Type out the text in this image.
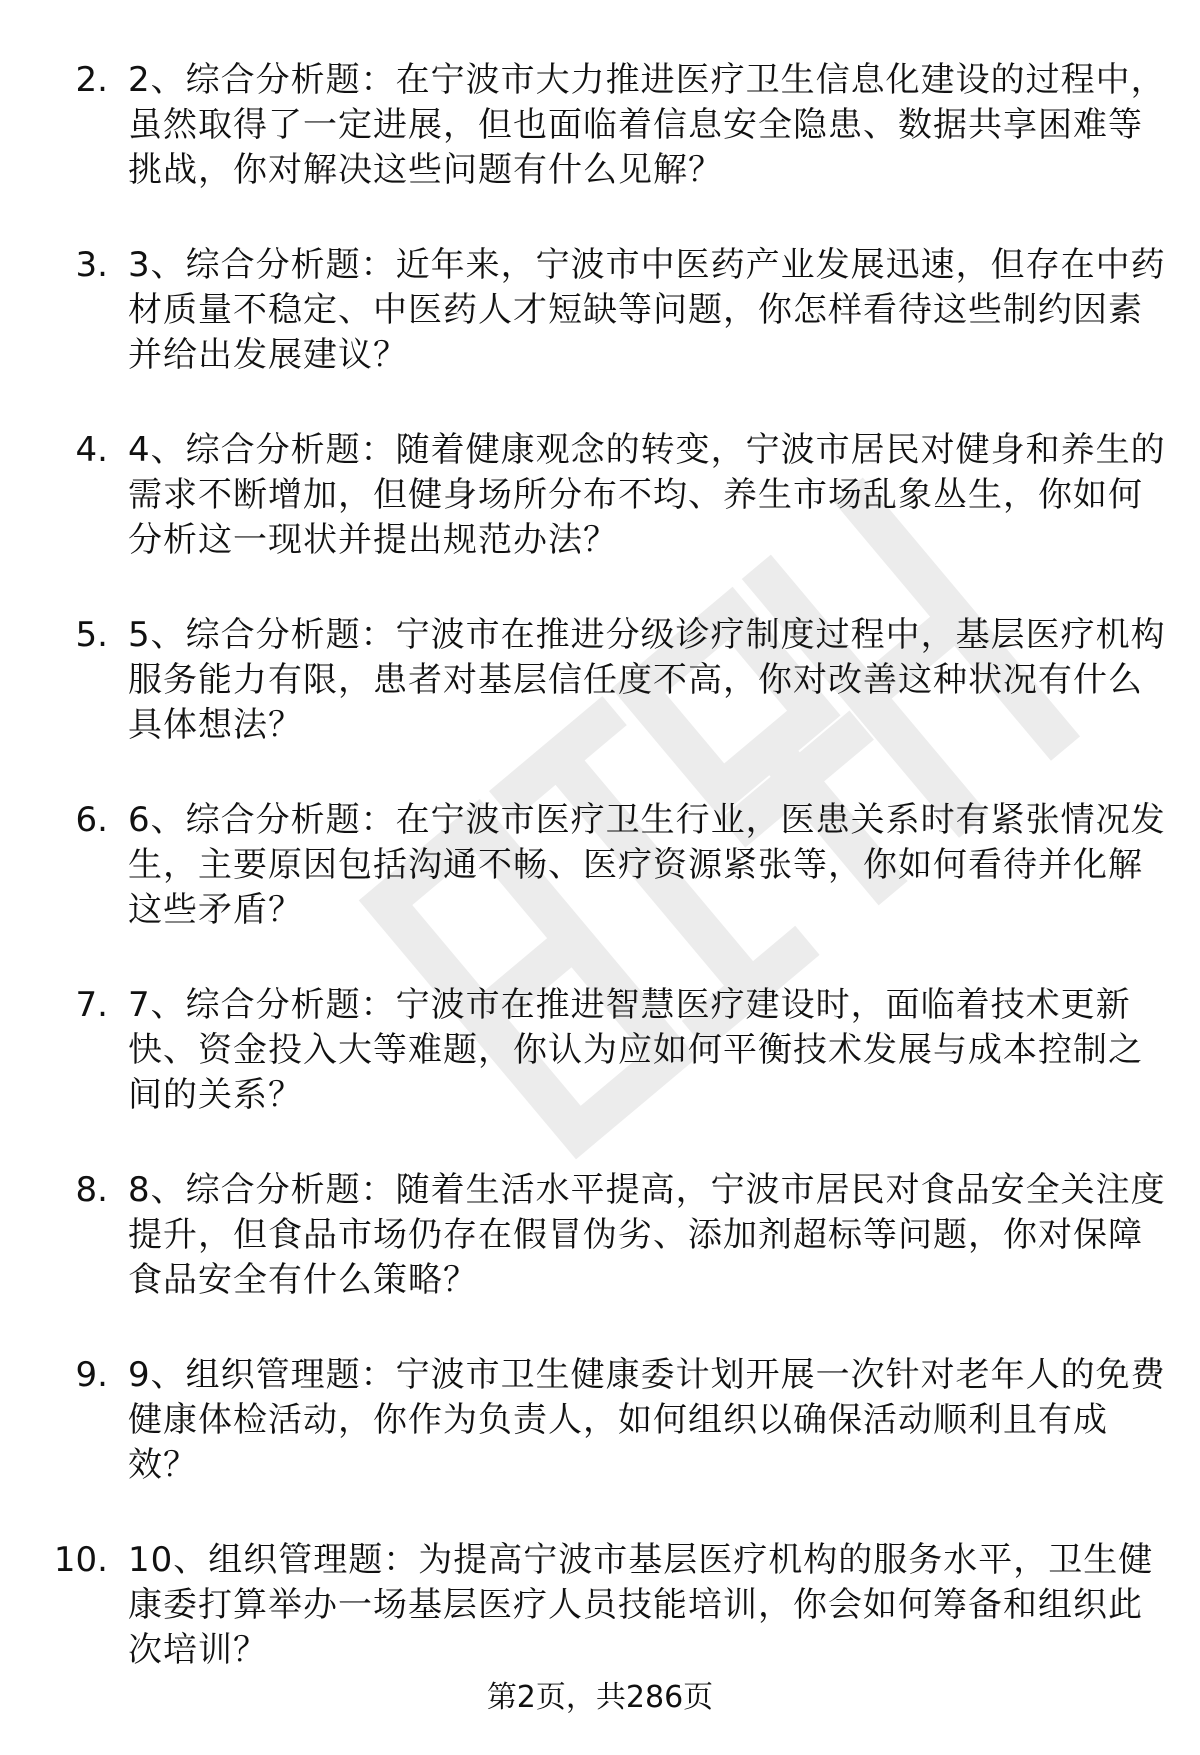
2. 2、综合分析题：在宁波市大力推进医疗卫生信息化建设的过程中，虽然取得了一定进展，但也面临着信息安全隐患、数据共享困难等挑战，你对解决这些问题有什么见解？
3. 3、综合分析题：近年来，宁波市中医药产业发展迅速，但存在中药材质量不稳定、中医药人才短缺等问题，你怎样看待这些制约因素并给出发展建议？
4. 4、综合分析题：随着健康观念的转变，宁波市居民对健身和养生的需求不断增加，但健身场所分布不均、养生市场乱象丛生，你如何分析这一现状并提出规范办法？
5. 5、综合分析题：宁波市在推进分级诊疗制度过程中，基层医疗机构服务能力有限，患者对基层信任度不高，你对改善这种状况有什么具体想法？
6. 6、综合分析题：在宁波市医疗卫生行业，医患关系时有紧张情况发生，主要原因包括沟通不畅、医疗资源紧张等，你如何看待并化解这些矛盾？
7. 7、综合分析题：宁波市在推进智慧医疗建设时，面临着技术更新快、资金投入大等难题，你认为应如何平衡技术发展与成本控制之间的关系？
8. 8、综合分析题：随着生活水平提高，宁波市居民对食品安全关注度提升，但食品市场仍存在假冒伪劣、添加剂超标等问题，你对保障食品安全有什么策略？
9. 9、组织管理题：宁波市卫生健康委计划开展一次针对老年人的免费健康体检活动，你作为负责人，如何组织以确保活动顺利且有成效？
10. 10、组织管理题：为提高宁波市基层医疗机构的服务水平，卫生健康委打算举办一场基层医疗人员技能培训，你会如何筹备和组织此次培训？
第2页，共286页
